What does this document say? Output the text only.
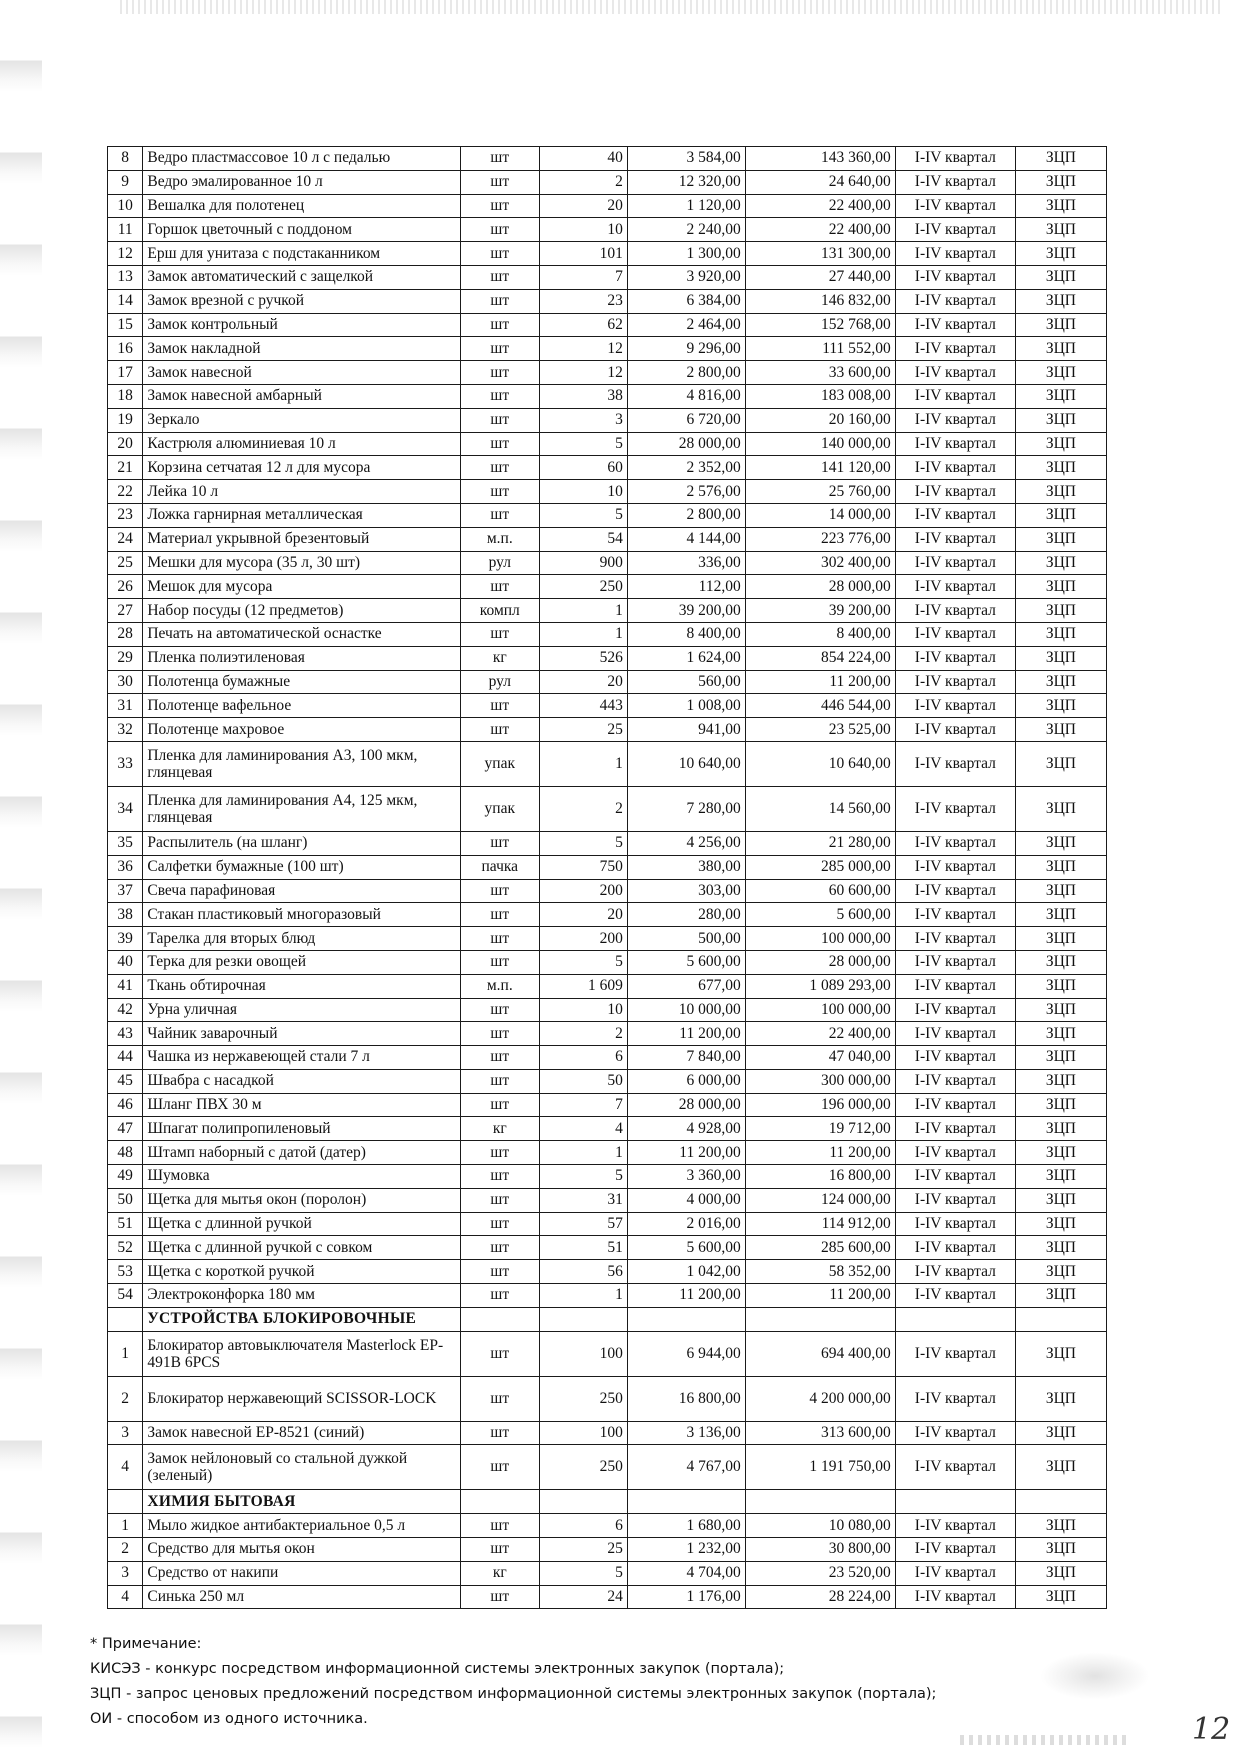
8	Ведро пластмассовое 10 л с педалью	шт	40	3 584,00	143 360,00	I-IV квартал	ЗЦП
9	Ведро эмалированное 10 л	шт	2	12 320,00	24 640,00	I-IV квартал	ЗЦП
10	Вешалка для полотенец	шт	20	1 120,00	22 400,00	I-IV квартал	ЗЦП
11	Горшок цветочный с поддоном	шт	10	2 240,00	22 400,00	I-IV квартал	ЗЦП
12	Ерш для унитаза с подстаканником	шт	101	1 300,00	131 300,00	I-IV квартал	ЗЦП
13	Замок автоматический с защелкой	шт	7	3 920,00	27 440,00	I-IV квартал	ЗЦП
14	Замок врезной с ручкой	шт	23	6 384,00	146 832,00	I-IV квартал	ЗЦП
15	Замок контрольный	шт	62	2 464,00	152 768,00	I-IV квартал	ЗЦП
16	Замок накладной	шт	12	9 296,00	111 552,00	I-IV квартал	ЗЦП
17	Замок навесной	шт	12	2 800,00	33 600,00	I-IV квартал	ЗЦП
18	Замок навесной амбарный	шт	38	4 816,00	183 008,00	I-IV квартал	ЗЦП
19	Зеркало	шт	3	6 720,00	20 160,00	I-IV квартал	ЗЦП
20	Кастрюля алюминиевая 10 л	шт	5	28 000,00	140 000,00	I-IV квартал	ЗЦП
21	Корзина сетчатая 12 л для мусора	шт	60	2 352,00	141 120,00	I-IV квартал	ЗЦП
22	Лейка 10 л	шт	10	2 576,00	25 760,00	I-IV квартал	ЗЦП
23	Ложка гарнирная металлическая	шт	5	2 800,00	14 000,00	I-IV квартал	ЗЦП
24	Материал укрывной брезентовый	м.п.	54	4 144,00	223 776,00	I-IV квартал	ЗЦП
25	Мешки для мусора (35 л, 30 шт)	рул	900	336,00	302 400,00	I-IV квартал	ЗЦП
26	Мешок для мусора	шт	250	112,00	28 000,00	I-IV квартал	ЗЦП
27	Набор посуды (12 предметов)	компл	1	39 200,00	39 200,00	I-IV квартал	ЗЦП
28	Печать на автоматической оснастке	шт	1	8 400,00	8 400,00	I-IV квартал	ЗЦП
29	Пленка полиэтиленовая	кг	526	1 624,00	854 224,00	I-IV квартал	ЗЦП
30	Полотенца бумажные	рул	20	560,00	11 200,00	I-IV квартал	ЗЦП
31	Полотенце вафельное	шт	443	1 008,00	446 544,00	I-IV квартал	ЗЦП
32	Полотенце махровое	шт	25	941,00	23 525,00	I-IV квартал	ЗЦП
33	Пленка для ламинирования А3, 100 мкм, глянцевая	упак	1	10 640,00	10 640,00	I-IV квартал	ЗЦП
34	Пленка для ламинирования А4, 125 мкм, глянцевая	упак	2	7 280,00	14 560,00	I-IV квартал	ЗЦП
35	Распылитель (на шланг)	шт	5	4 256,00	21 280,00	I-IV квартал	ЗЦП
36	Салфетки бумажные (100 шт)	пачка	750	380,00	285 000,00	I-IV квартал	ЗЦП
37	Свеча парафиновая	шт	200	303,00	60 600,00	I-IV квартал	ЗЦП
38	Стакан пластиковый многоразовый	шт	20	280,00	5 600,00	I-IV квартал	ЗЦП
39	Тарелка для вторых блюд	шт	200	500,00	100 000,00	I-IV квартал	ЗЦП
40	Терка для резки овощей	шт	5	5 600,00	28 000,00	I-IV квартал	ЗЦП
41	Ткань обтирочная	м.п.	1 609	677,00	1 089 293,00	I-IV квартал	ЗЦП
42	Урна уличная	шт	10	10 000,00	100 000,00	I-IV квартал	ЗЦП
43	Чайник заварочный	шт	2	11 200,00	22 400,00	I-IV квартал	ЗЦП
44	Чашка из нержавеющей стали 7 л	шт	6	7 840,00	47 040,00	I-IV квартал	ЗЦП
45	Швабра с насадкой	шт	50	6 000,00	300 000,00	I-IV квартал	ЗЦП
46	Шланг ПВХ 30 м	шт	7	28 000,00	196 000,00	I-IV квартал	ЗЦП
47	Шпагат полипропиленовый	кг	4	4 928,00	19 712,00	I-IV квартал	ЗЦП
48	Штамп наборный с датой (датер)	шт	1	11 200,00	11 200,00	I-IV квартал	ЗЦП
49	Шумовка	шт	5	3 360,00	16 800,00	I-IV квартал	ЗЦП
50	Щетка для мытья окон (поролон)	шт	31	4 000,00	124 000,00	I-IV квартал	ЗЦП
51	Щетка с длинной ручкой	шт	57	2 016,00	114 912,00	I-IV квартал	ЗЦП
52	Щетка с длинной ручкой с совком	шт	51	5 600,00	285 600,00	I-IV квартал	ЗЦП
53	Щетка с короткой ручкой	шт	56	1 042,00	58 352,00	I-IV квартал	ЗЦП
54	Электроконфорка 180 мм	шт	1	11 200,00	11 200,00	I-IV квартал	ЗЦП
	УСТРОЙСТВА БЛОКИРОВОЧНЫЕ						
1	Блокиратор автовыключателя Masterlock EP-491B 6PCS	шт	100	6 944,00	694 400,00	I-IV квартал	ЗЦП
2	Блокиратор нержавеющий SCISSOR-LOCK	шт	250	16 800,00	4 200 000,00	I-IV квартал	ЗЦП
3	Замок навесной EP-8521 (синий)	шт	100	3 136,00	313 600,00	I-IV квартал	ЗЦП
4	Замок нейлоновый со стальной дужкой (зеленый)	шт	250	4 767,00	1 191 750,00	I-IV квартал	ЗЦП
	ХИМИЯ БЫТОВАЯ						
1	Мыло жидкое антибактериальное 0,5 л	шт	6	1 680,00	10 080,00	I-IV квартал	ЗЦП
2	Средство для мытья окон	шт	25	1 232,00	30 800,00	I-IV квартал	ЗЦП
3	Средство от накипи	кг	5	4 704,00	23 520,00	I-IV квартал	ЗЦП
4	Синька 250 мл	шт	24	1 176,00	28 224,00	I-IV квартал	ЗЦП
* Примечание:
КИСЭЗ - конкурс посредством информационной системы электронных закупок (портала);
ЗЦП - запрос ценовых предложений посредством информационной системы электронных закупок (портала);
ОИ - способом из одного источника.	12
